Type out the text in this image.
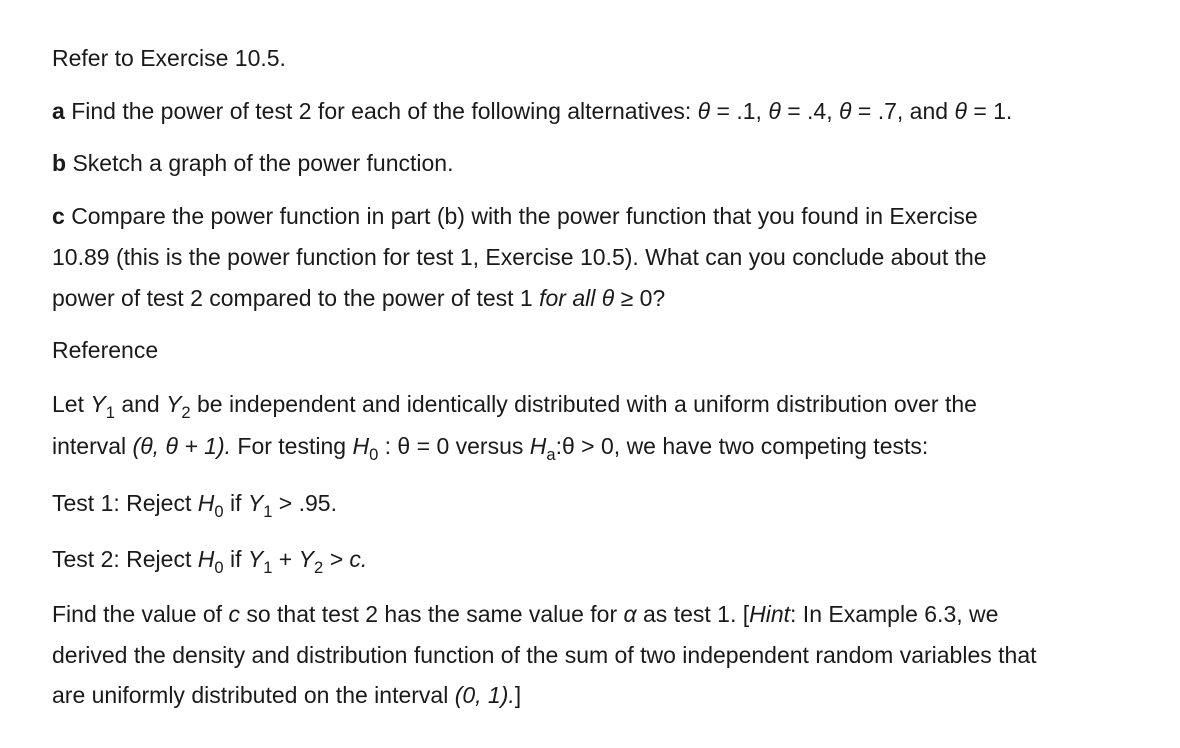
Refer to Exercise 10.5.
a Find the power of test 2 for each of the following alternatives: θ = .1, θ = .4, θ = .7, and θ = 1.
b Sketch a graph of the power function.
c Compare the power function in part (b) with the power function that you found in Exercise
10.89 (this is the power function for test 1, Exercise 10.5). What can you conclude about the
power of test 2 compared to the power of test 1 for all θ ≥ 0?
Reference
Let $Y_1$ and $Y_2$ be independent and identically distributed with a uniform distribution over the
interval (θ, θ + 1). For testing $H_0$ : θ = 0 versus $H_a:\theta > 0$, we have two competing tests:
Test 1: Reject $H_0$ if $Y_1 > .95$.
Test 2: Reject $H_0$ if $Y_1 + Y_2 > c$.
Find the value of c so that test 2 has the same value for α as test 1. [Hint: In Example 6.3, we
derived the density and distribution function of the sum of two independent random variables that
are uniformly distributed on the interval (0, 1).]
